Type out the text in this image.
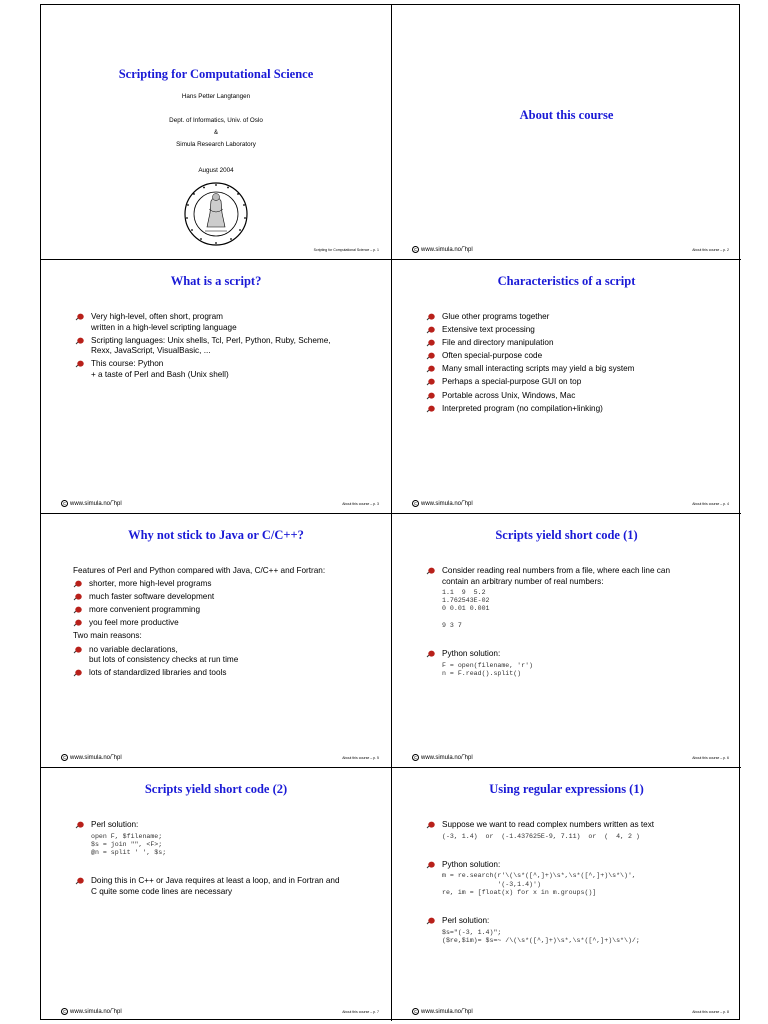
Scripting for Computational Science
Hans Petter Langtangen
Dept. of Informatics, Univ. of Oslo
&
Simula Research Laboratory
August 2004
Scripting for Computational Science – p. 1
About this course
c www.simula.no/˜hpl	About this course – p. 2
What is a script?
Very high-level, often short, program
written in a high-level scripting language
Scripting languages: Unix shells, Tcl, Perl, Python, Ruby, Scheme,
Rexx, JavaScript, VisualBasic, ...
This course: Python
+ a taste of Perl and Bash (Unix shell)
c www.simula.no/˜hpl	About this course – p. 3
Characteristics of a script
Glue other programs together
Extensive text processing
File and directory manipulation
Often special-purpose code
Many small interacting scripts may yield a big system
Perhaps a special-purpose GUI on top
Portable across Unix, Windows, Mac
Interpreted program (no compilation+linking)
c www.simula.no/˜hpl	About this course – p. 4
Why not stick to Java or C/C++?
Features of Perl and Python compared with Java, C/C++ and Fortran:
shorter, more high-level programs
much faster software development
more convenient programming
you feel more productive
Two main reasons:
no variable declarations,
but lots of consistency checks at run time
lots of standardized libraries and tools
c www.simula.no/˜hpl	About this course – p. 5
Scripts yield short code (1)
Consider reading real numbers from a file, where each line can
contain an arbitrary number of real numbers:

1.1  9  5.2
1.762543E-02
0 0.01 0.001

9 3 7

Python solution:

F = open(filename, 'r')
n = F.read().split()

c www.simula.no/˜hpl	About this course – p. 6
Scripts yield short code (2)
Perl solution:

open F, $filename;
$s = join "", <F>;
@n = split ' ', $s;

Doing this in C++ or Java requires at least a loop, and in Fortran and
C quite some code lines are necessary
c www.simula.no/˜hpl	About this course – p. 7
Using regular expressions (1)
Suppose we want to read complex numbers written as text

(-3, 1.4)  or  (-1.437625E-9, 7.11)  or  (  4, 2 )

Python solution:

m = re.search(r'\(\s*([^,]+)\s*,\s*([^,]+)\s*\)',
'(-3,1.4)')
re, im = [float(x) for x in m.groups()]

Perl solution:

$s="(-3, 1.4)";
($re,$im)= $s=~ /\(\s*([^,]+)\s*,\s*([^,]+)\s*\)/;

c www.simula.no/˜hpl	About this course – p. 8
